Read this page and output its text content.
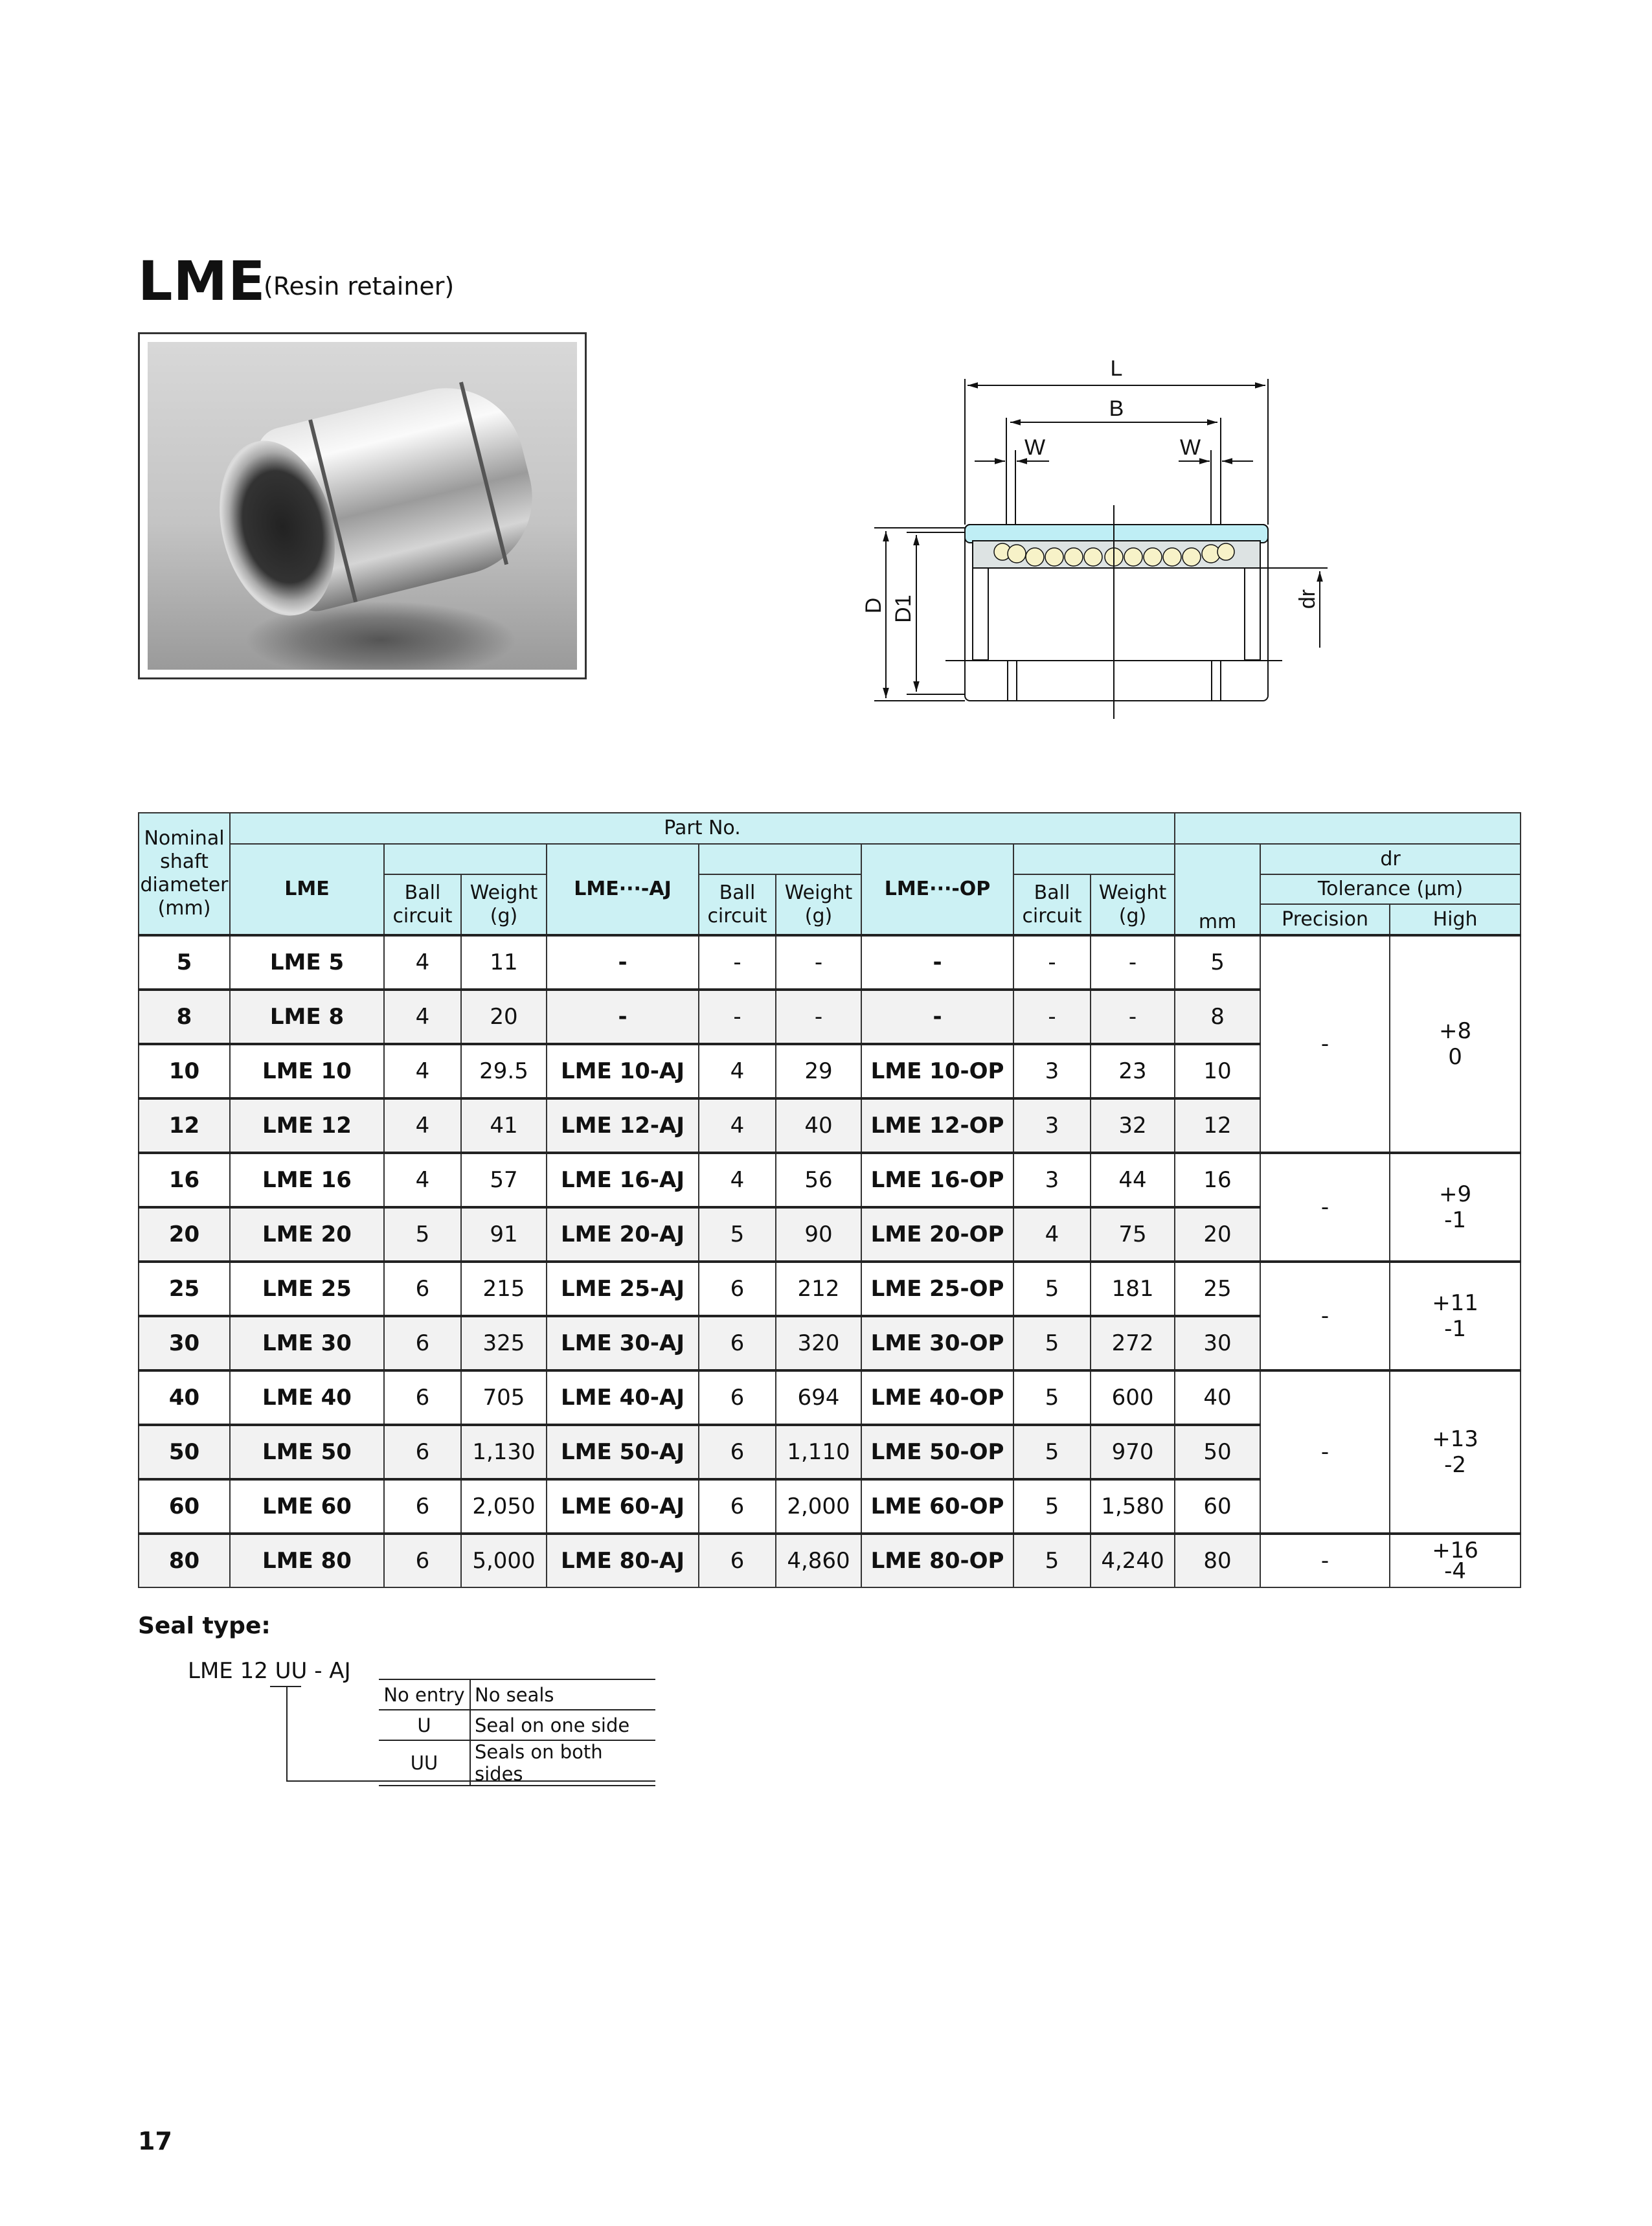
LME
(Resin retainer)
L
B
W	W
D D1	dr
Nominal shaft diameter (mm)	Part No.											
	LME			LME···-AJ			LME···-OP			mm	dr	
		Ball circuit	Weight (g)		Ball circuit	Weight (g)		Ball circuit	Weight (g)		Tolerance (μm)	
											Precision	High
5	LME 5	4	11	-	-	-	-	-	-	5	-	+8
0

8	LME 8	4	20	-	-	-	-	-	-	8		
10	LME 10	4	29.5	LME 10-AJ	4	29	LME 10-OP	3	23	10		
12	LME 12	4	41	LME 12-AJ	4	40	LME 12-OP	3	32	12		
16	LME 16	4	57	LME 16-AJ	4	56	LME 16-OP	3	44	16	-	+9
-1

20	LME 20	5	91	LME 20-AJ	5	90	LME 20-OP	4	75	20		
25	LME 25	6	215	LME 25-AJ	6	212	LME 25-OP	5	181	25	-	+11
-1

30	LME 30	6	325	LME 30-AJ	6	320	LME 30-OP	5	272	30		
40	LME 40	6	705	LME 40-AJ	6	694	LME 40-OP	5	600	40	-	+13
-2

50	LME 50	6	1,130	LME 50-AJ	6	1,110	LME 50-OP	5	970	50		
60	LME 60	6	2,050	LME 60-AJ	6	2,000	LME 60-OP	5	1,580	60		
80	LME 80	6	5,000	LME 80-AJ	6	4,860	LME 80-OP	5	4,240	80	-	+16
-4
Seal type:
LME 12 UU - AJ
No entry	No seals
U	Seal on one side
UU	Seals on both sides
17
